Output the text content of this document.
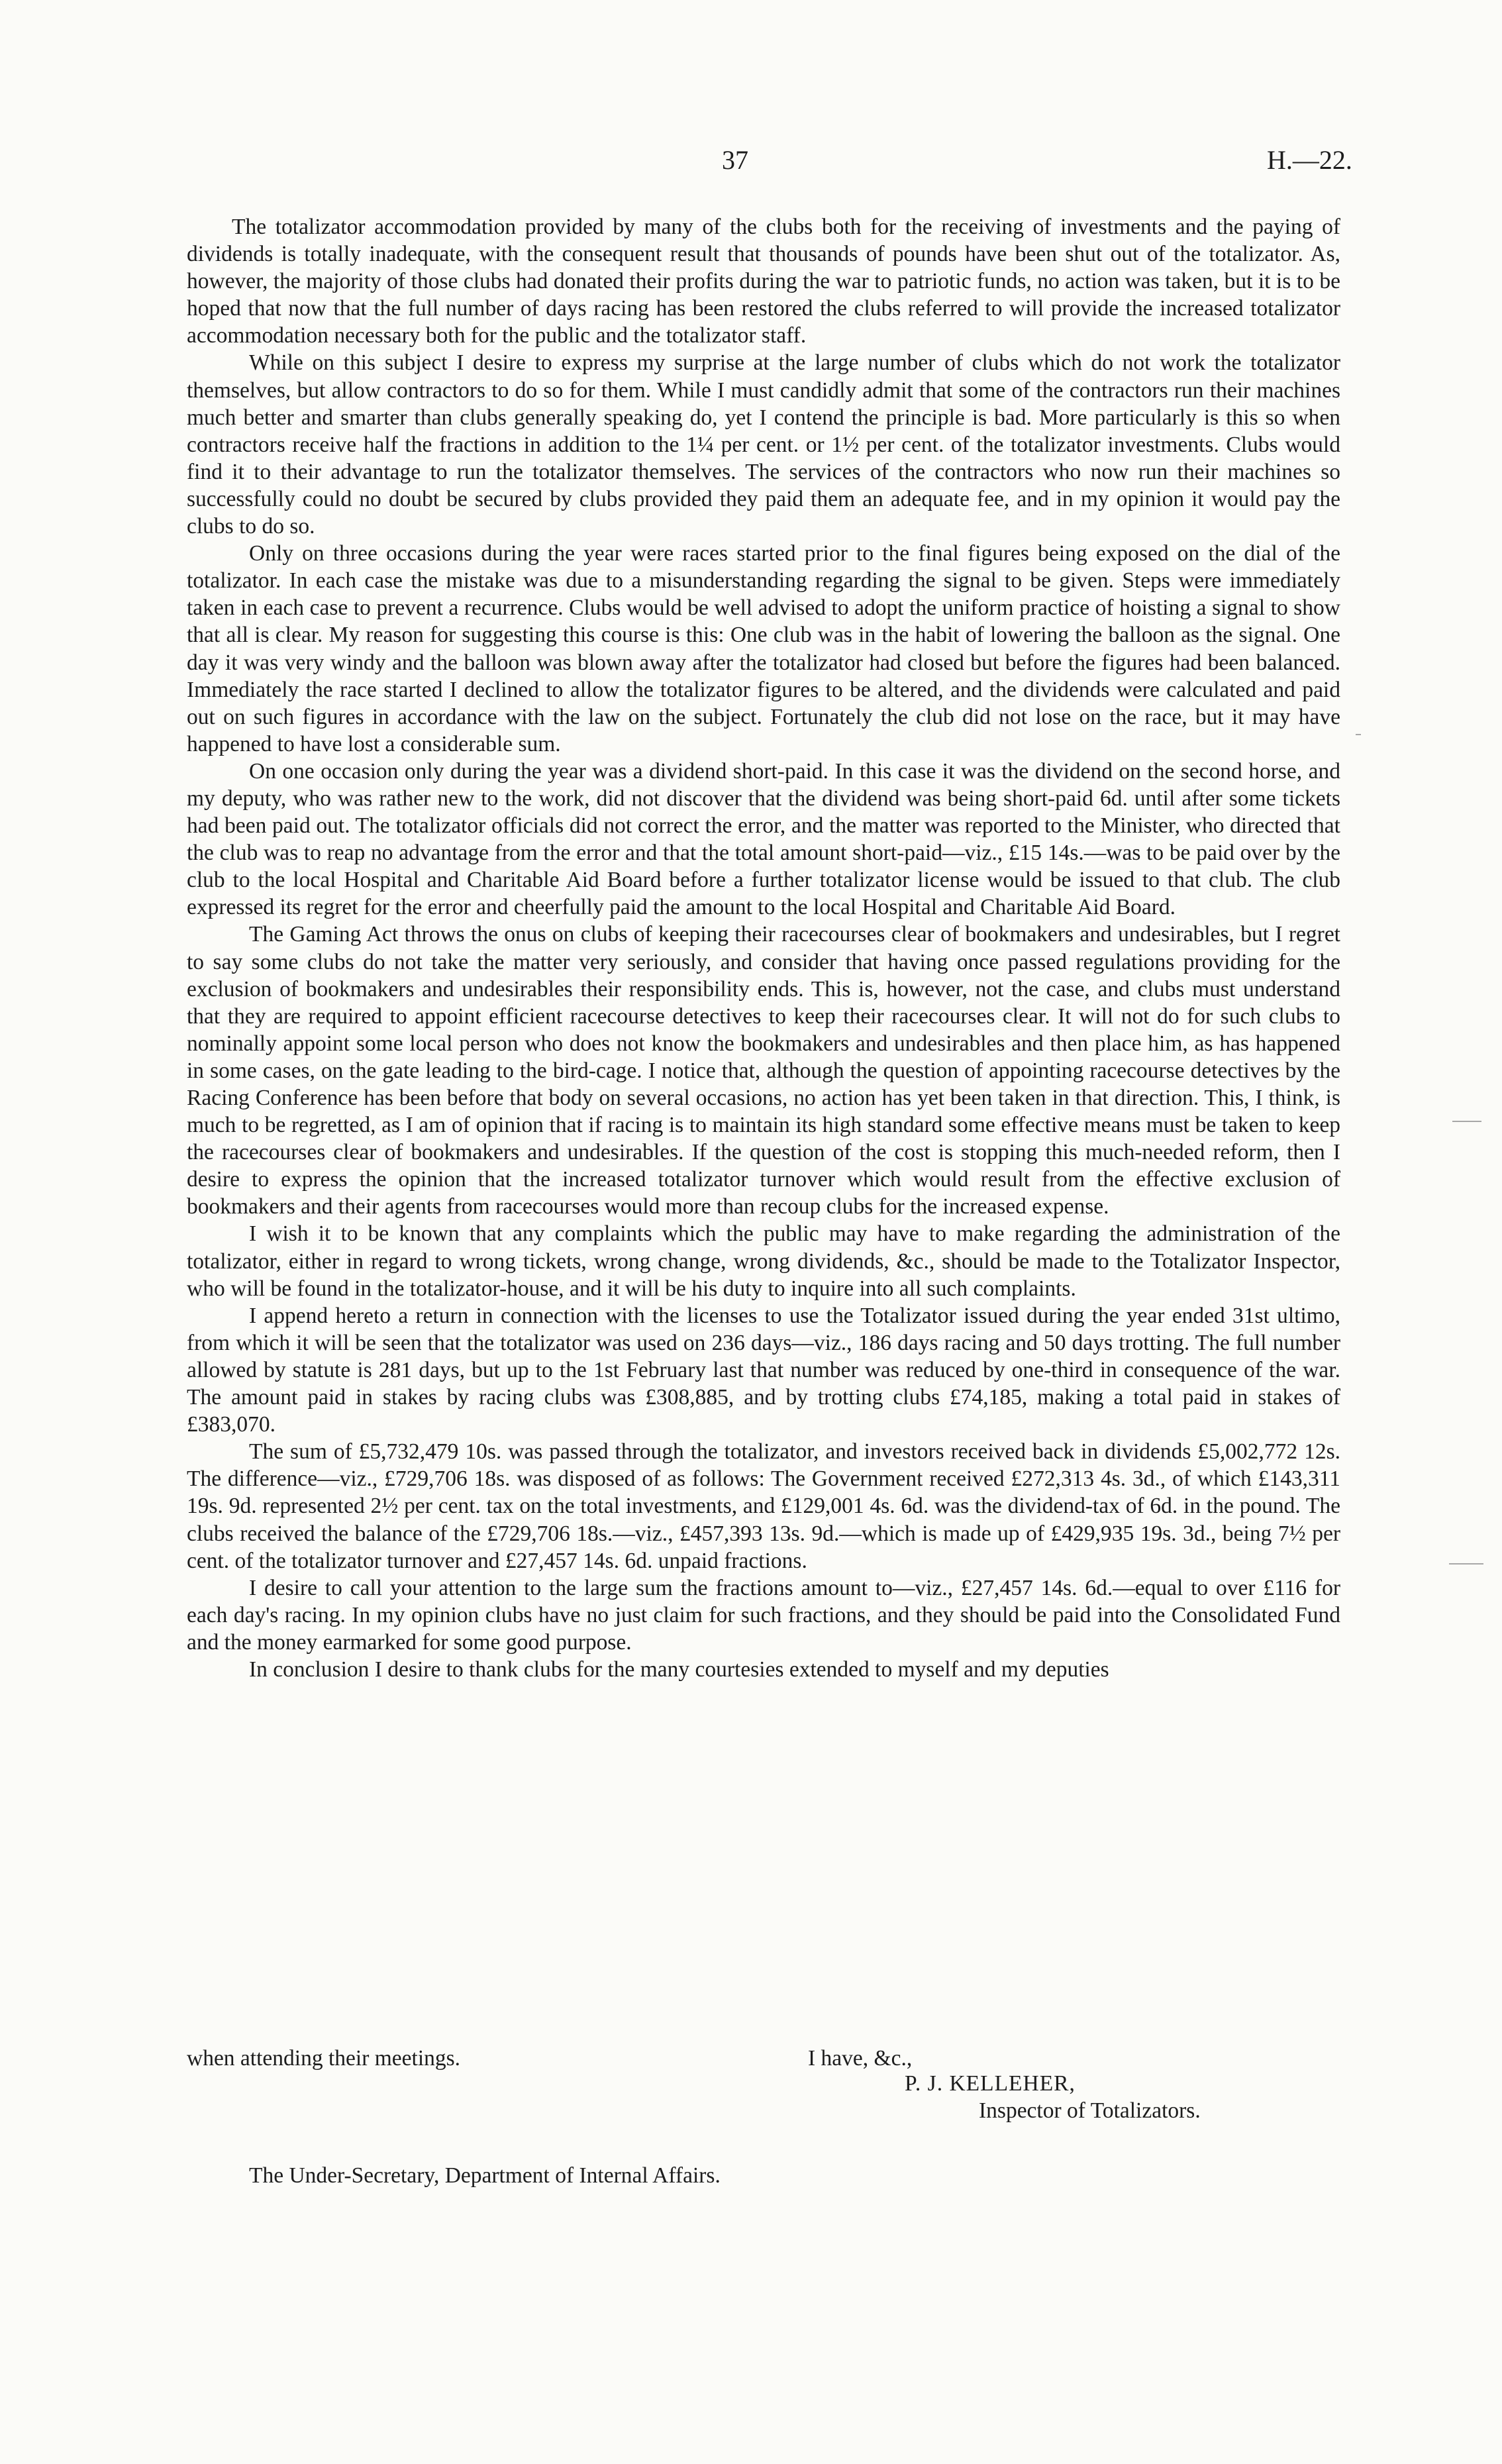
37	H.—22.

The totalizator accommodation provided by many of the clubs both for the receiving of investments and the paying of dividends is totally inadequate, with the consequent result that thousands of pounds have been shut out of the totalizator. As, however, the majority of those clubs had donated their profits during the war to patriotic funds, no action was taken, but it is to be hoped that now that the full number of days racing has been restored the clubs referred to will provide the increased totalizator accommodation necessary both for the public and the totalizator staff.

While on this subject I desire to express my surprise at the large number of clubs which do not work the totalizator themselves, but allow contractors to do so for them. While I must candidly admit that some of the contractors run their machines much better and smarter than clubs generally speaking do, yet I contend the principle is bad. More particularly is this so when contractors receive half the fractions in addition to the 1¼ per cent. or 1½ per cent. of the totalizator investments. Clubs would find it to their advantage to run the totalizator themselves. The services of the contractors who now run their machines so successfully could no doubt be secured by clubs provided they paid them an adequate fee, and in my opinion it would pay the clubs to do so.

Only on three occasions during the year were races started prior to the final figures being exposed on the dial of the totalizator. In each case the mistake was due to a misunderstanding regarding the signal to be given. Steps were immediately taken in each case to prevent a recurrence. Clubs would be well advised to adopt the uniform practice of hoisting a signal to show that all is clear. My reason for suggesting this course is this: One club was in the habit of lowering the balloon as the signal. One day it was very windy and the balloon was blown away after the totalizator had closed but before the figures had been balanced. Immediately the race started I declined to allow the totalizator figures to be altered, and the dividends were calculated and paid out on such figures in accordance with the law on the subject. Fortunately the club did not lose on the race, but it may have happened to have lost a considerable sum.

On one occasion only during the year was a dividend short-paid. In this case it was the dividend on the second horse, and my deputy, who was rather new to the work, did not discover that the dividend was being short-paid 6d. until after some tickets had been paid out. The totalizator officials did not correct the error, and the matter was reported to the Minister, who directed that the club was to reap no advantage from the error and that the total amount short-paid—viz., £15 14s.—was to be paid over by the club to the local Hospital and Charitable Aid Board before a further totalizator license would be issued to that club. The club expressed its regret for the error and cheerfully paid the amount to the local Hospital and Charitable Aid Board.

The Gaming Act throws the onus on clubs of keeping their racecourses clear of bookmakers and undesirables, but I regret to say some clubs do not take the matter very seriously, and consider that having once passed regulations providing for the exclusion of bookmakers and undesirables their responsibility ends. This is, however, not the case, and clubs must understand that they are required to appoint efficient racecourse detectives to keep their racecourses clear. It will not do for such clubs to nominally appoint some local person who does not know the bookmakers and undesirables and then place him, as has happened in some cases, on the gate leading to the bird-cage. I notice that, although the question of appointing racecourse detectives by the Racing Conference has been before that body on several occasions, no action has yet been taken in that direction. This, I think, is much to be regretted, as I am of opinion that if racing is to maintain its high standard some effective means must be taken to keep the racecourses clear of bookmakers and undesirables. If the question of the cost is stopping this much-needed reform, then I desire to express the opinion that the increased totalizator turnover which would result from the effective exclusion of bookmakers and their agents from racecourses would more than recoup clubs for the increased expense.

I wish it to be known that any complaints which the public may have to make regarding the administration of the totalizator, either in regard to wrong tickets, wrong change, wrong dividends, &c., should be made to the Totalizator Inspector, who will be found in the totalizator-house, and it will be his duty to inquire into all such complaints.

I append hereto a return in connection with the licenses to use the Totalizator issued during the year ended 31st ultimo, from which it will be seen that the totalizator was used on 236 days—viz., 186 days racing and 50 days trotting. The full number allowed by statute is 281 days, but up to the 1st February last that number was reduced by one-third in consequence of the war. The amount paid in stakes by racing clubs was £308,885, and by trotting clubs £74,185, making a total paid in stakes of £383,070.

The sum of £5,732,479 10s. was passed through the totalizator, and investors received back in dividends £5,002,772 12s. The difference—viz., £729,706 18s. was disposed of as follows: The Government received £272,313 4s. 3d., of which £143,311 19s. 9d. represented 2½ per cent. tax on the total investments, and £129,001 4s. 6d. was the dividend-tax of 6d. in the pound. The clubs received the balance of the £729,706 18s.—viz., £457,393 13s. 9d.—which is made up of £429,935 19s. 3d., being 7½ per cent. of the totalizator turnover and £27,457 14s. 6d. unpaid fractions.

I desire to call your attention to the large sum the fractions amount to—viz., £27,457 14s. 6d.—equal to over £116 for each day's racing. In my opinion clubs have no just claim for such fractions, and they should be paid into the Consolidated Fund and the money earmarked for some good purpose.

In conclusion I desire to thank clubs for the many courtesies extended to myself and my deputies

when attending their meetings.	I have, &c.,
P. J. KELLEHER,
Inspector of Totalizators.
The Under-Secretary, Department of Internal Affairs.
